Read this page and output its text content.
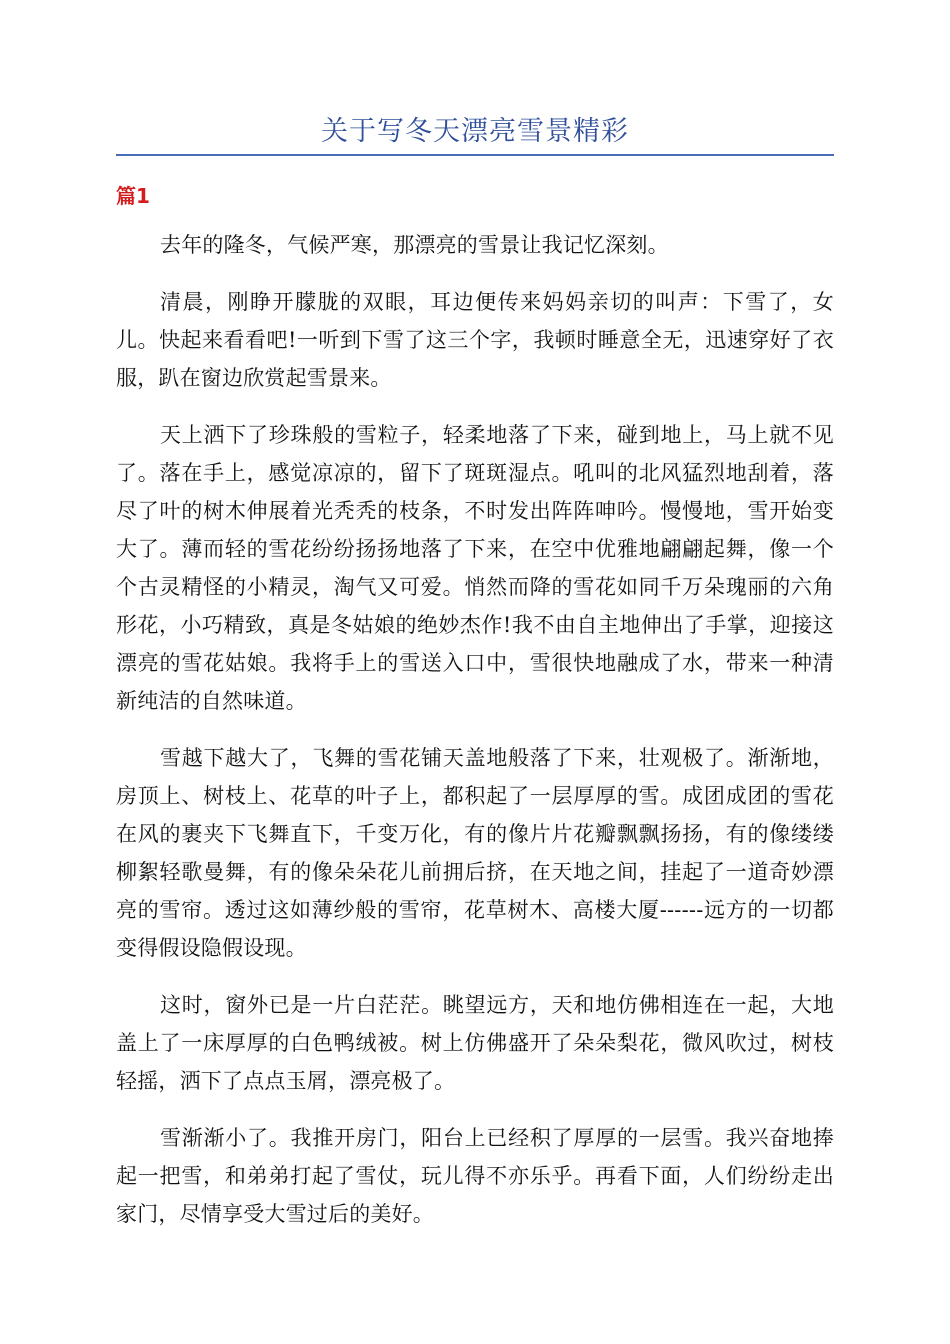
关于写冬天漂亮雪景精彩
篇1

去年的隆冬，气候严寒，那漂亮的雪景让我记忆深刻。

清晨，刚睁开朦胧的双眼，耳边便传来妈妈亲切的叫声：下雪了，女儿。快起来看看吧!一听到下雪了这三个字，我顿时睡意全无，迅速穿好了衣服，趴在窗边欣赏起雪景来。

天上洒下了珍珠般的雪粒子，轻柔地落了下来，碰到地上，马上就不见了。落在手上，感觉凉凉的，留下了斑斑湿点。吼叫的北风猛烈地刮着，落尽了叶的树木伸展着光秃秃的枝条，不时发出阵阵呻吟。慢慢地，雪开始变大了。薄而轻的雪花纷纷扬扬地落了下来，在空中优雅地翩翩起舞，像一个个古灵精怪的小精灵，淘气又可爱。悄然而降的雪花如同千万朵瑰丽的六角形花，小巧精致，真是冬姑娘的绝妙杰作!我不由自主地伸出了手掌，迎接这漂亮的雪花姑娘。我将手上的雪送入口中，雪很快地融成了水，带来一种清新纯洁的自然味道。

雪越下越大了，飞舞的雪花铺天盖地般落了下来，壮观极了。渐渐地，房顶上、树枝上、花草的叶子上，都积起了一层厚厚的雪。成团成团的雪花在风的裹夹下飞舞直下，千变万化，有的像片片花瓣飘飘扬扬，有的像缕缕柳絮轻歌曼舞，有的像朵朵花儿前拥后挤，在天地之间，挂起了一道奇妙漂亮的雪帘。透过这如薄纱般的雪帘，花草树木、高楼大厦------远方的一切都变得假设隐假设现。

这时，窗外已是一片白茫茫。眺望远方，天和地仿佛相连在一起，大地盖上了一床厚厚的白色鸭绒被。树上仿佛盛开了朵朵梨花，微风吹过，树枝轻摇，洒下了点点玉屑，漂亮极了。

雪渐渐小了。我推开房门，阳台上已经积了厚厚的一层雪。我兴奋地捧起一把雪，和弟弟打起了雪仗，玩儿得不亦乐乎。再看下面，人们纷纷走出家门，尽情享受大雪过后的美好。
